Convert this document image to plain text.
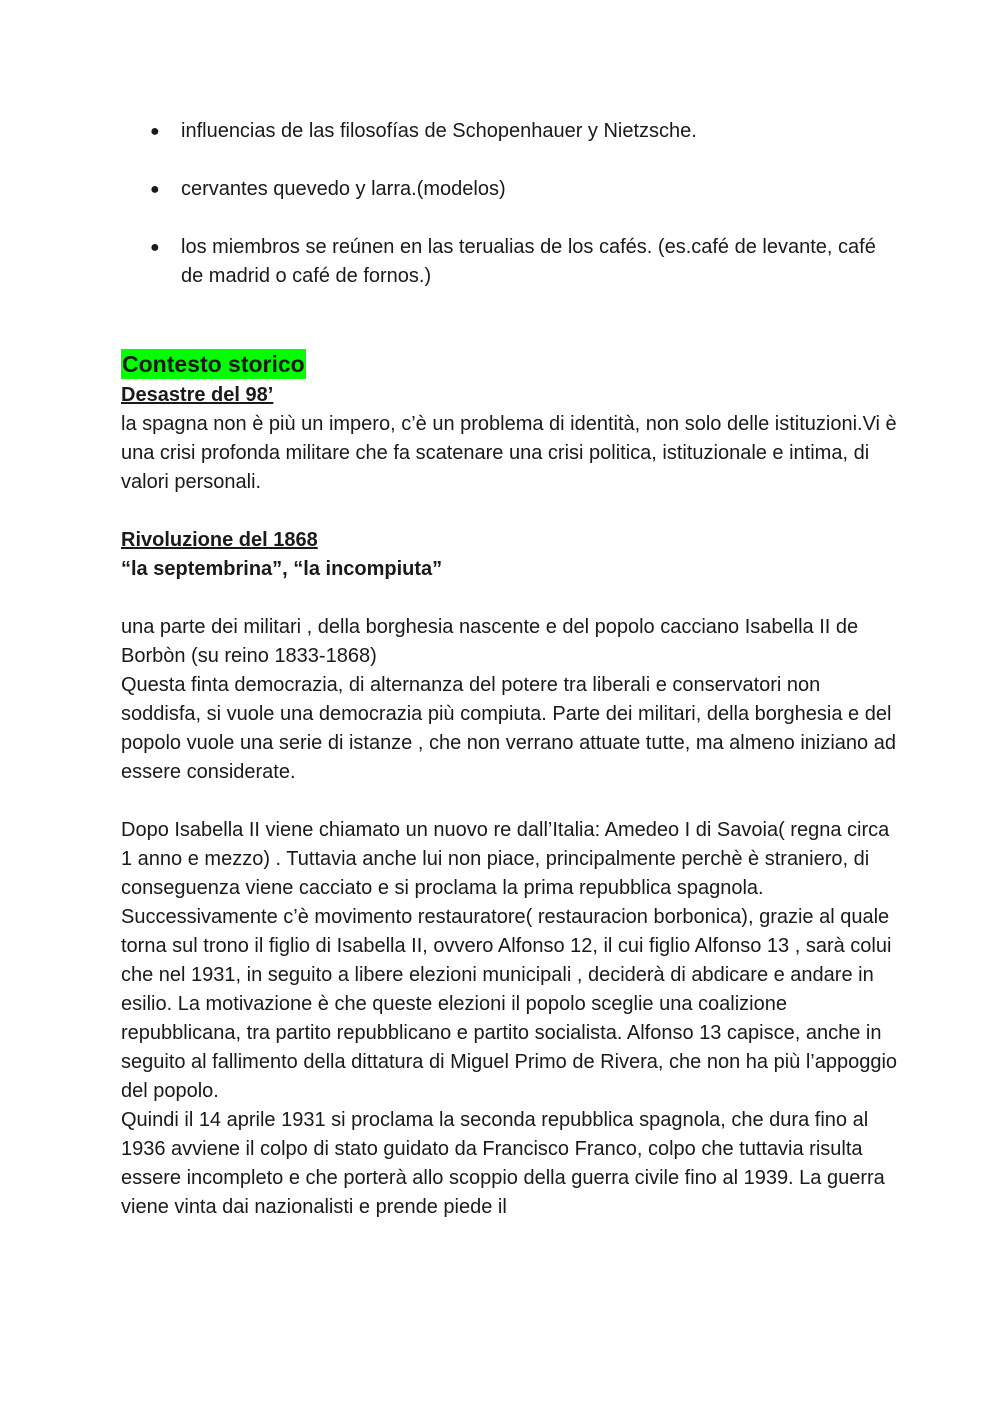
● influencias de las filosofías de Schopenhauer y Nietzsche.
● cervantes quevedo y larra.(modelos)
● los miembros se reúnen en las terualias de los cafés. (es.café de levante, café de madrid o café de fornos.)
Contesto storico
Desastre del 98’

la spagna non è più un impero, c’è un problema di identità, non solo delle istituzioni.Vi è una crisi profonda militare che fa scatenare una crisi politica, istituzionale e intima, di valori personali.

Rivoluzione del 1868
“la septembrina”, “la incompiuta”

una parte dei militari , della borghesia nascente e del popolo cacciano Isabella II de Borbòn (su reino 1833-1868)

Questa finta democrazia, di alternanza del potere tra liberali e conservatori non soddisfa, si vuole una democrazia più compiuta. Parte dei militari, della borghesia e del popolo vuole una serie di istanze , che non verrano attuate tutte, ma almeno iniziano ad essere considerate.

Dopo Isabella II viene chiamato un nuovo re dall’Italia: Amedeo I di Savoia( regna circa 1 anno e mezzo) . Tuttavia anche lui non piace, principalmente perchè è straniero, di conseguenza viene cacciato e si proclama la prima repubblica spagnola. Successivamente c’è movimento restauratore( restauracion borbonica), grazie al quale torna sul trono il figlio di Isabella II, ovvero Alfonso 12, il cui figlio Alfonso 13 , sarà colui che nel 1931, in seguito a libere elezioni municipali , deciderà di abdicare e andare in esilio. La motivazione è che queste elezioni il popolo sceglie una coalizione repubblicana, tra partito repubblicano e partito socialista. Alfonso 13 capisce, anche in seguito al fallimento della dittatura di Miguel Primo de Rivera, che non ha più l’appoggio del popolo.

Quindi il 14 aprile 1931 si proclama la seconda repubblica spagnola, che dura fino al 1936 avviene il colpo di stato guidato da Francisco Franco, colpo che tuttavia risulta essere incompleto e che porterà allo scoppio della guerra civile fino al 1939. La guerra viene vinta dai nazionalisti e prende piede il
